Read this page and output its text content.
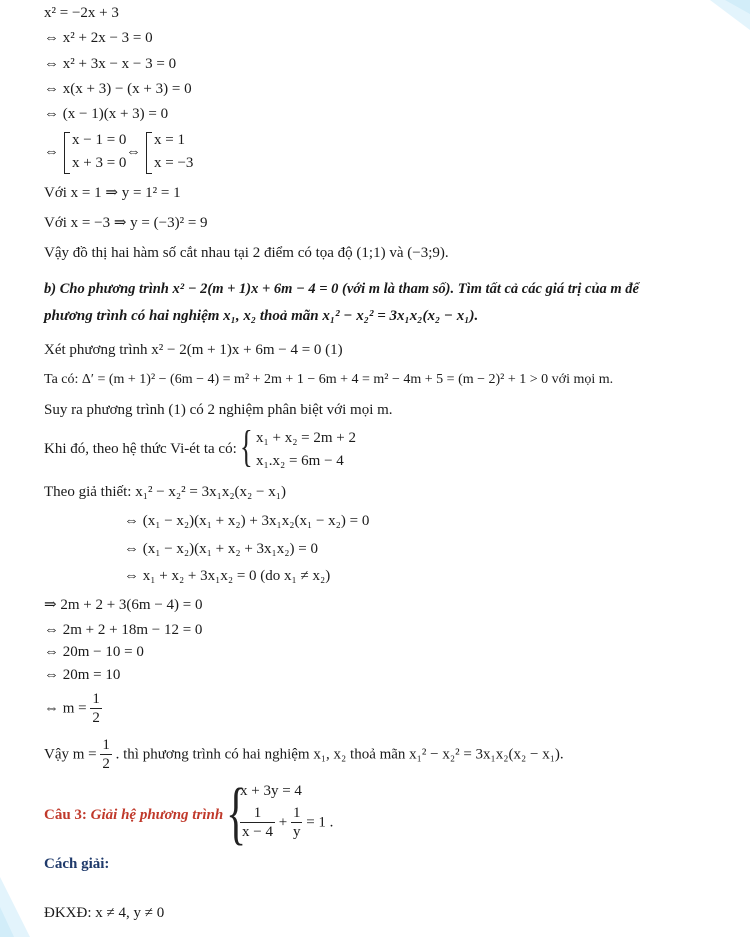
x² = −2x + 3
⇔ x² + 2x − 3 = 0
⇔ x² + 3x − x − 3 = 0
⇔ x(x + 3) − (x + 3) = 0
⇔ (x − 1)(x + 3) = 0
⇔
x − 1 = 0
x + 3 = 0
⇔
x = 1
x = −3
Với x = 1 ⇒ y = 1² = 1
Với x = −3 ⇒ y = (−3)² = 9
Vậy đồ thị hai hàm số cắt nhau tại 2 điểm có tọa độ (1;1) và (−3;9).
b) Cho phương trình x² − 2(m + 1)x + 6m − 4 = 0 (với m là tham số). Tìm tất cả các giá trị của m để
phương trình có hai nghiệm x₁, x₂ thoả mãn x₁² − x₂² = 3x₁x₂(x₂ − x₁).
Xét phương trình x² − 2(m + 1)x + 6m − 4 = 0 (1)
Ta có: Δ′ = (m + 1)² − (6m − 4) = m² + 2m + 1 − 6m + 4 = m² − 4m + 5 = (m − 2)² + 1 > 0 với mọi m.
Suy ra phương trình (1) có 2 nghiệm phân biệt với mọi m.
Khi đó, theo hệ thức Vi-ét ta có: { x₁ + x₂ = 2m + 2
x₁.x₂ = 6m − 4
Theo giả thiết: x₁² − x₂² = 3x₁x₂(x₂ − x₁)
⇔ (x₁ − x₂)(x₁ + x₂) + 3x₁x₂(x₁ − x₂) = 0
⇔ (x₁ − x₂)(x₁ + x₂ + 3x₁x₂) = 0
⇔ x₁ + x₂ + 3x₁x₂ = 0 (do x₁ ≠ x₂)
⇒ 2m + 2 + 3(6m − 4) = 0
⇔ 2m + 2 + 18m − 12 = 0
⇔ 20m − 10 = 0
⇔ 20m = 10
⇔ $m = \frac{1}{2}$
Vậy $m = \frac{1}{2}$ . thì phương trình có hai nghiệm x₁, x₂ thoả mãn x₁² − x₂² = 3x₁x₂(x₂ − x₁).
Câu 3: Giải hệ phương trình {
x + 3y = 4
$\frac{1}{x - 4} + \frac{1}{y} = 1$ .
Cách giải:
ĐKXĐ: x ≠ 4, y ≠ 0
